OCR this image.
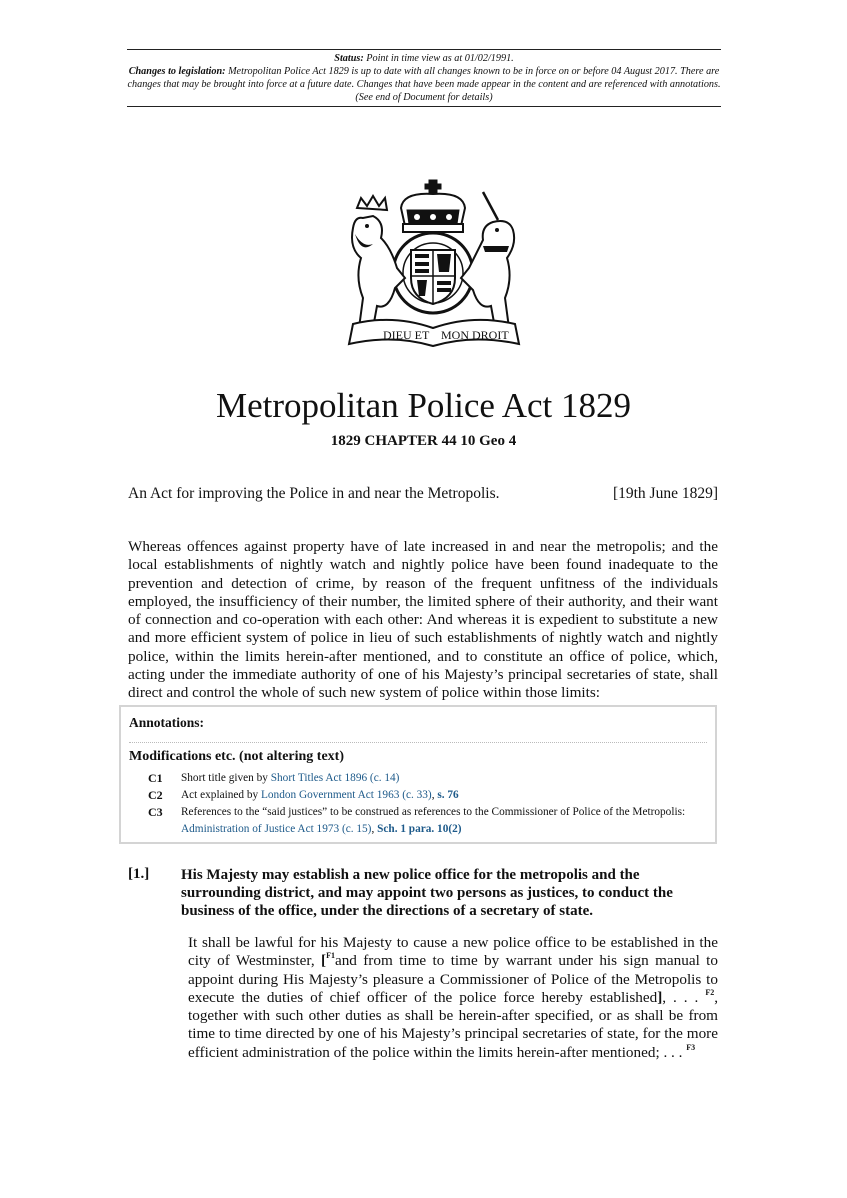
Status: Point in time view as at 01/02/1991.
Changes to legislation: Metropolitan Police Act 1829 is up to date with all changes known to be in force on or before 04 August 2017. There are changes that may be brought into force at a future date. Changes that have been made appear in the content and are referenced with annotations. (See end of Document for details)
DIEU ET MON DROIT
Metropolitan Police Act 1829
1829 CHAPTER 44 10 Geo 4
An Act for improving the Police in and near the Metropolis.	[19th June 1829]
Whereas offences against property have of late increased in and near the metropolis; and the local establishments of nightly watch and nightly police have been found inadequate to the prevention and detection of crime, by reason of the frequent unfitness of the individuals employed, the insufficiency of their number, the limited sphere of their authority, and their want of connection and co-operation with each other: And whereas it is expedient to substitute a new and more efficient system of police in lieu of such establishments of nightly watch and nightly police, within the limits herein-after mentioned, and to constitute an office of police, which, acting under the immediate authority of one of his Majesty’s principal secretaries of state, shall direct and control the whole of such new system of police within those limits:
Annotations:
Modifications etc. (not altering text)
C1	Short title given by Short Titles Act 1896 (c. 14)
C2	Act explained by London Government Act 1963 (c. 33), s. 76
C3	References to the “said justices” to be construed as references to the Commissioner of Police of the Metropolis: Administration of Justice Act 1973 (c. 15), Sch. 1 para. 10(2)
[1.] His Majesty may establish a new police office for the metropolis and the surrounding district, and may appoint two persons as justices, to conduct the business of the office, under the directions of a secretary of state.
It shall be lawful for his Majesty to cause a new police office to be established in the city of Westminster, [$^{F1}$and from time to time by warrant under his sign manual to appoint during His Majesty’s pleasure a Commissioner of Police of the Metropolis to execute the duties of chief officer of the police force hereby established], . . . $^{F2}$, together with such other duties as shall be herein-after specified, or as shall be from time to time directed by one of his Majesty’s principal secretaries of state, for the more efficient administration of the police within the limits herein-after mentioned; . . . $^{F3}$
